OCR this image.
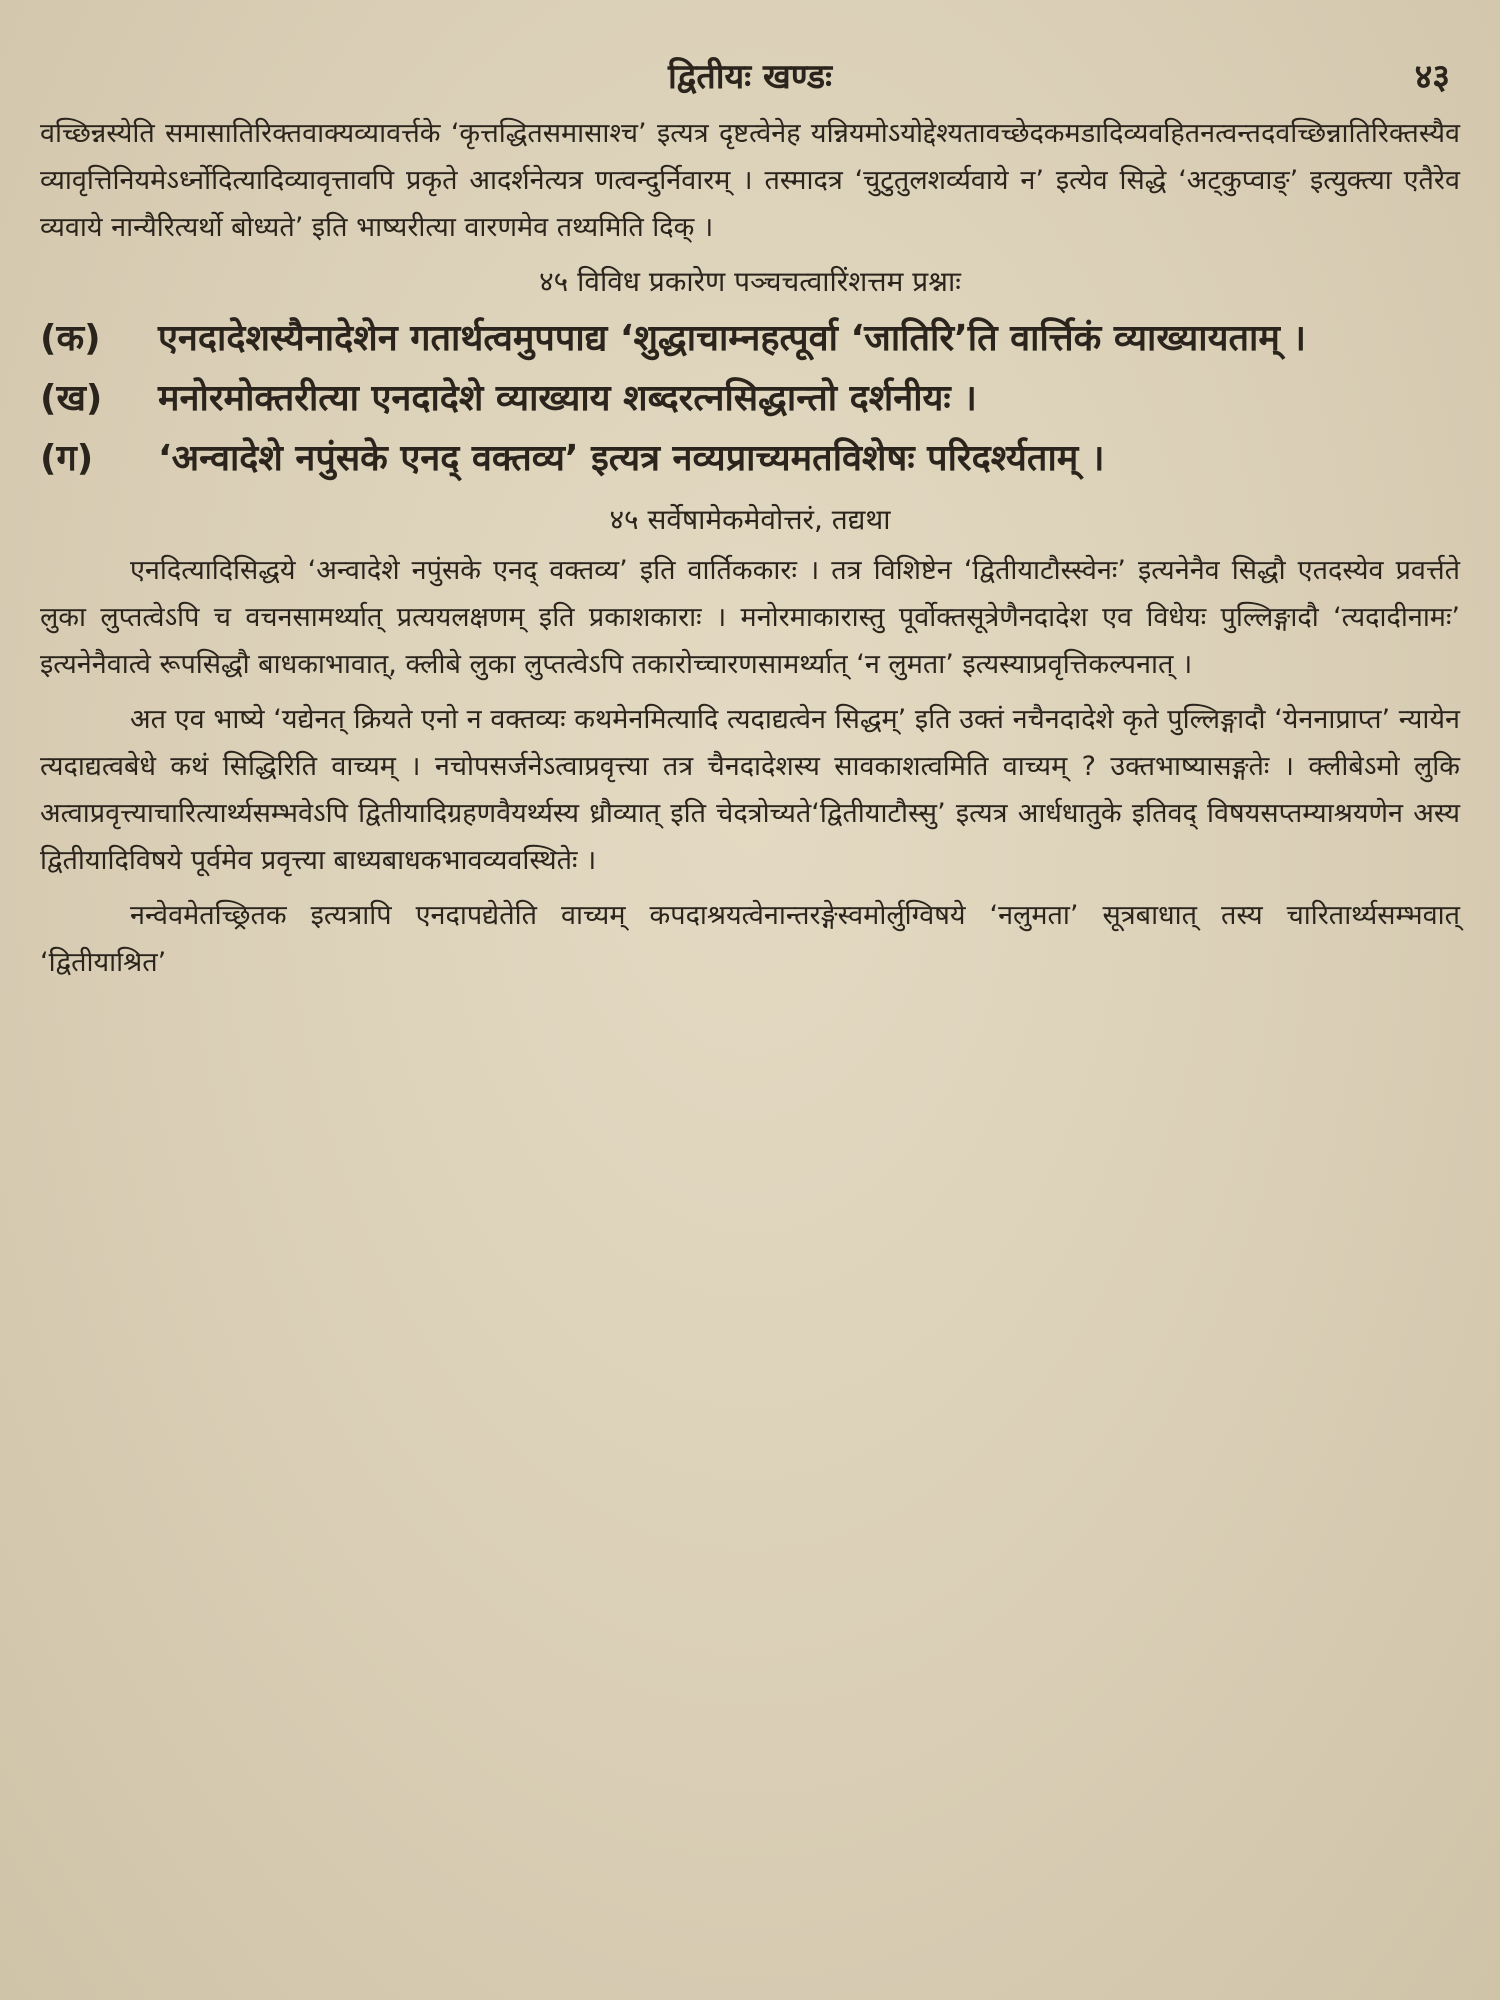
द्वितीयः खण्डः	४३

वच्छिन्नस्येति समासातिरिक्तवाक्यव्यावर्त्तके ‘कृत्तद्धितसमासाश्च’ इत्यत्र दृष्टत्वेनेह यन्नियमोऽयोद्देश्यतावच्छेदकमडादिव्यवहितनत्वन्तदवच्छिन्नातिरिक्तस्यैव व्यावृत्तिनियमेऽर्ध्नोदित्यादिव्यावृत्तावपि प्रकृते आदर्शनेत्यत्र णत्वन्दुर्निवारम् । तस्मादत्र ‘चुटुतुलशर्व्यवाये न’ इत्येव सिद्धे ‘अट्कुप्वाङ्’ इत्युक्त्या एतैरेव व्यवाये नान्यैरित्यर्थो बोध्यते’ इति भाष्यरीत्या वारणमेव तथ्यमिति दिक् ।

४५ विविध प्रकारेण पञ्चचत्वारिंशत्तम प्रश्नाः
(क)	एनदादेशस्यैनादेशेन गतार्थत्वमुपपाद्य ‘शुद्धाचाम्नहत्पूर्वा ‘जातिरि’ति वार्त्तिकं व्याख्यायताम् ।
(ख)	मनोरमोक्तरीत्या एनदादेशे व्याख्याय शब्दरत्नसिद्धान्तो दर्शनीयः ।
(ग)	‘अन्वादेशे नपुंसके एनद् वक्तव्य’ इत्यत्र नव्यप्राच्यमतविशेषः परिदर्श्यताम् ।
४५ सर्वेषामेकमेवोत्तरं, तद्यथा

एनदित्यादिसिद्धये ‘अन्वादेशे नपुंसके एनद् वक्तव्य’ इति वार्तिककारः । तत्र विशिष्टेन ‘द्वितीयाटौस्स्वेनः’ इत्यनेनैव सिद्धौ एतदस्येव प्रवर्त्तते लुका लुप्तत्वेऽपि च वचनसामर्थ्यात् प्रत्ययलक्षणम् इति प्रकाशकाराः । मनोरमाकारास्तु पूर्वोक्तसूत्रेणैनदादेश एव विधेयः पुल्लिङ्गादौ ‘त्यदादीनामः’ इत्यनेनैवात्वे रूपसिद्धौ बाधकाभावात्, क्लीबे लुका लुप्तत्वेऽपि तकारोच्चारणसामर्थ्यात् ‘न लुमता’ इत्यस्याप्रवृत्तिकल्पनात् ।

अत एव भाष्ये ‘यद्येनत् क्रियते एनो न वक्तव्यः कथमेनमित्यादि त्यदाद्यत्वेन सिद्धम्’ इति उक्तं नचैनदादेशे कृते पुल्लिङ्गादौ ‘येननाप्राप्त’ न्यायेन त्यदाद्यत्वबेधे कथं सिद्धिरिति वाच्यम् । नचोपसर्जनेऽत्वाप्रवृत्त्या तत्र चैनदादेशस्य सावकाशत्वमिति वाच्यम् ? उक्तभाष्यासङ्गतेः । क्लीबेऽमो लुकि अत्वाप्रवृत्त्याचारित्यार्थ्यसम्भवेऽपि द्वितीयादिग्रहणवैयर्थ्यस्य ध्रौव्यात् इति चेदत्रोच्यते‘द्वितीयाटौस्सु’ इत्यत्र आर्धधातुके इतिवद् विषयसप्तम्याश्रयणेन अस्य द्वितीयादिविषये पूर्वमेव प्रवृत्त्या बाध्यबाधकभावव्यवस्थितेः ।

नन्वेवमेतच्छ्रितक इत्यत्रापि एनदापद्येतेति वाच्यम् कपदाश्रयत्वेनान्तरङ्गेस्वमोर्लुग्विषये ‘नलुमता’ सूत्रबाधात् तस्य चारितार्थ्यसम्भवात् ‘द्वितीयाश्रित’
